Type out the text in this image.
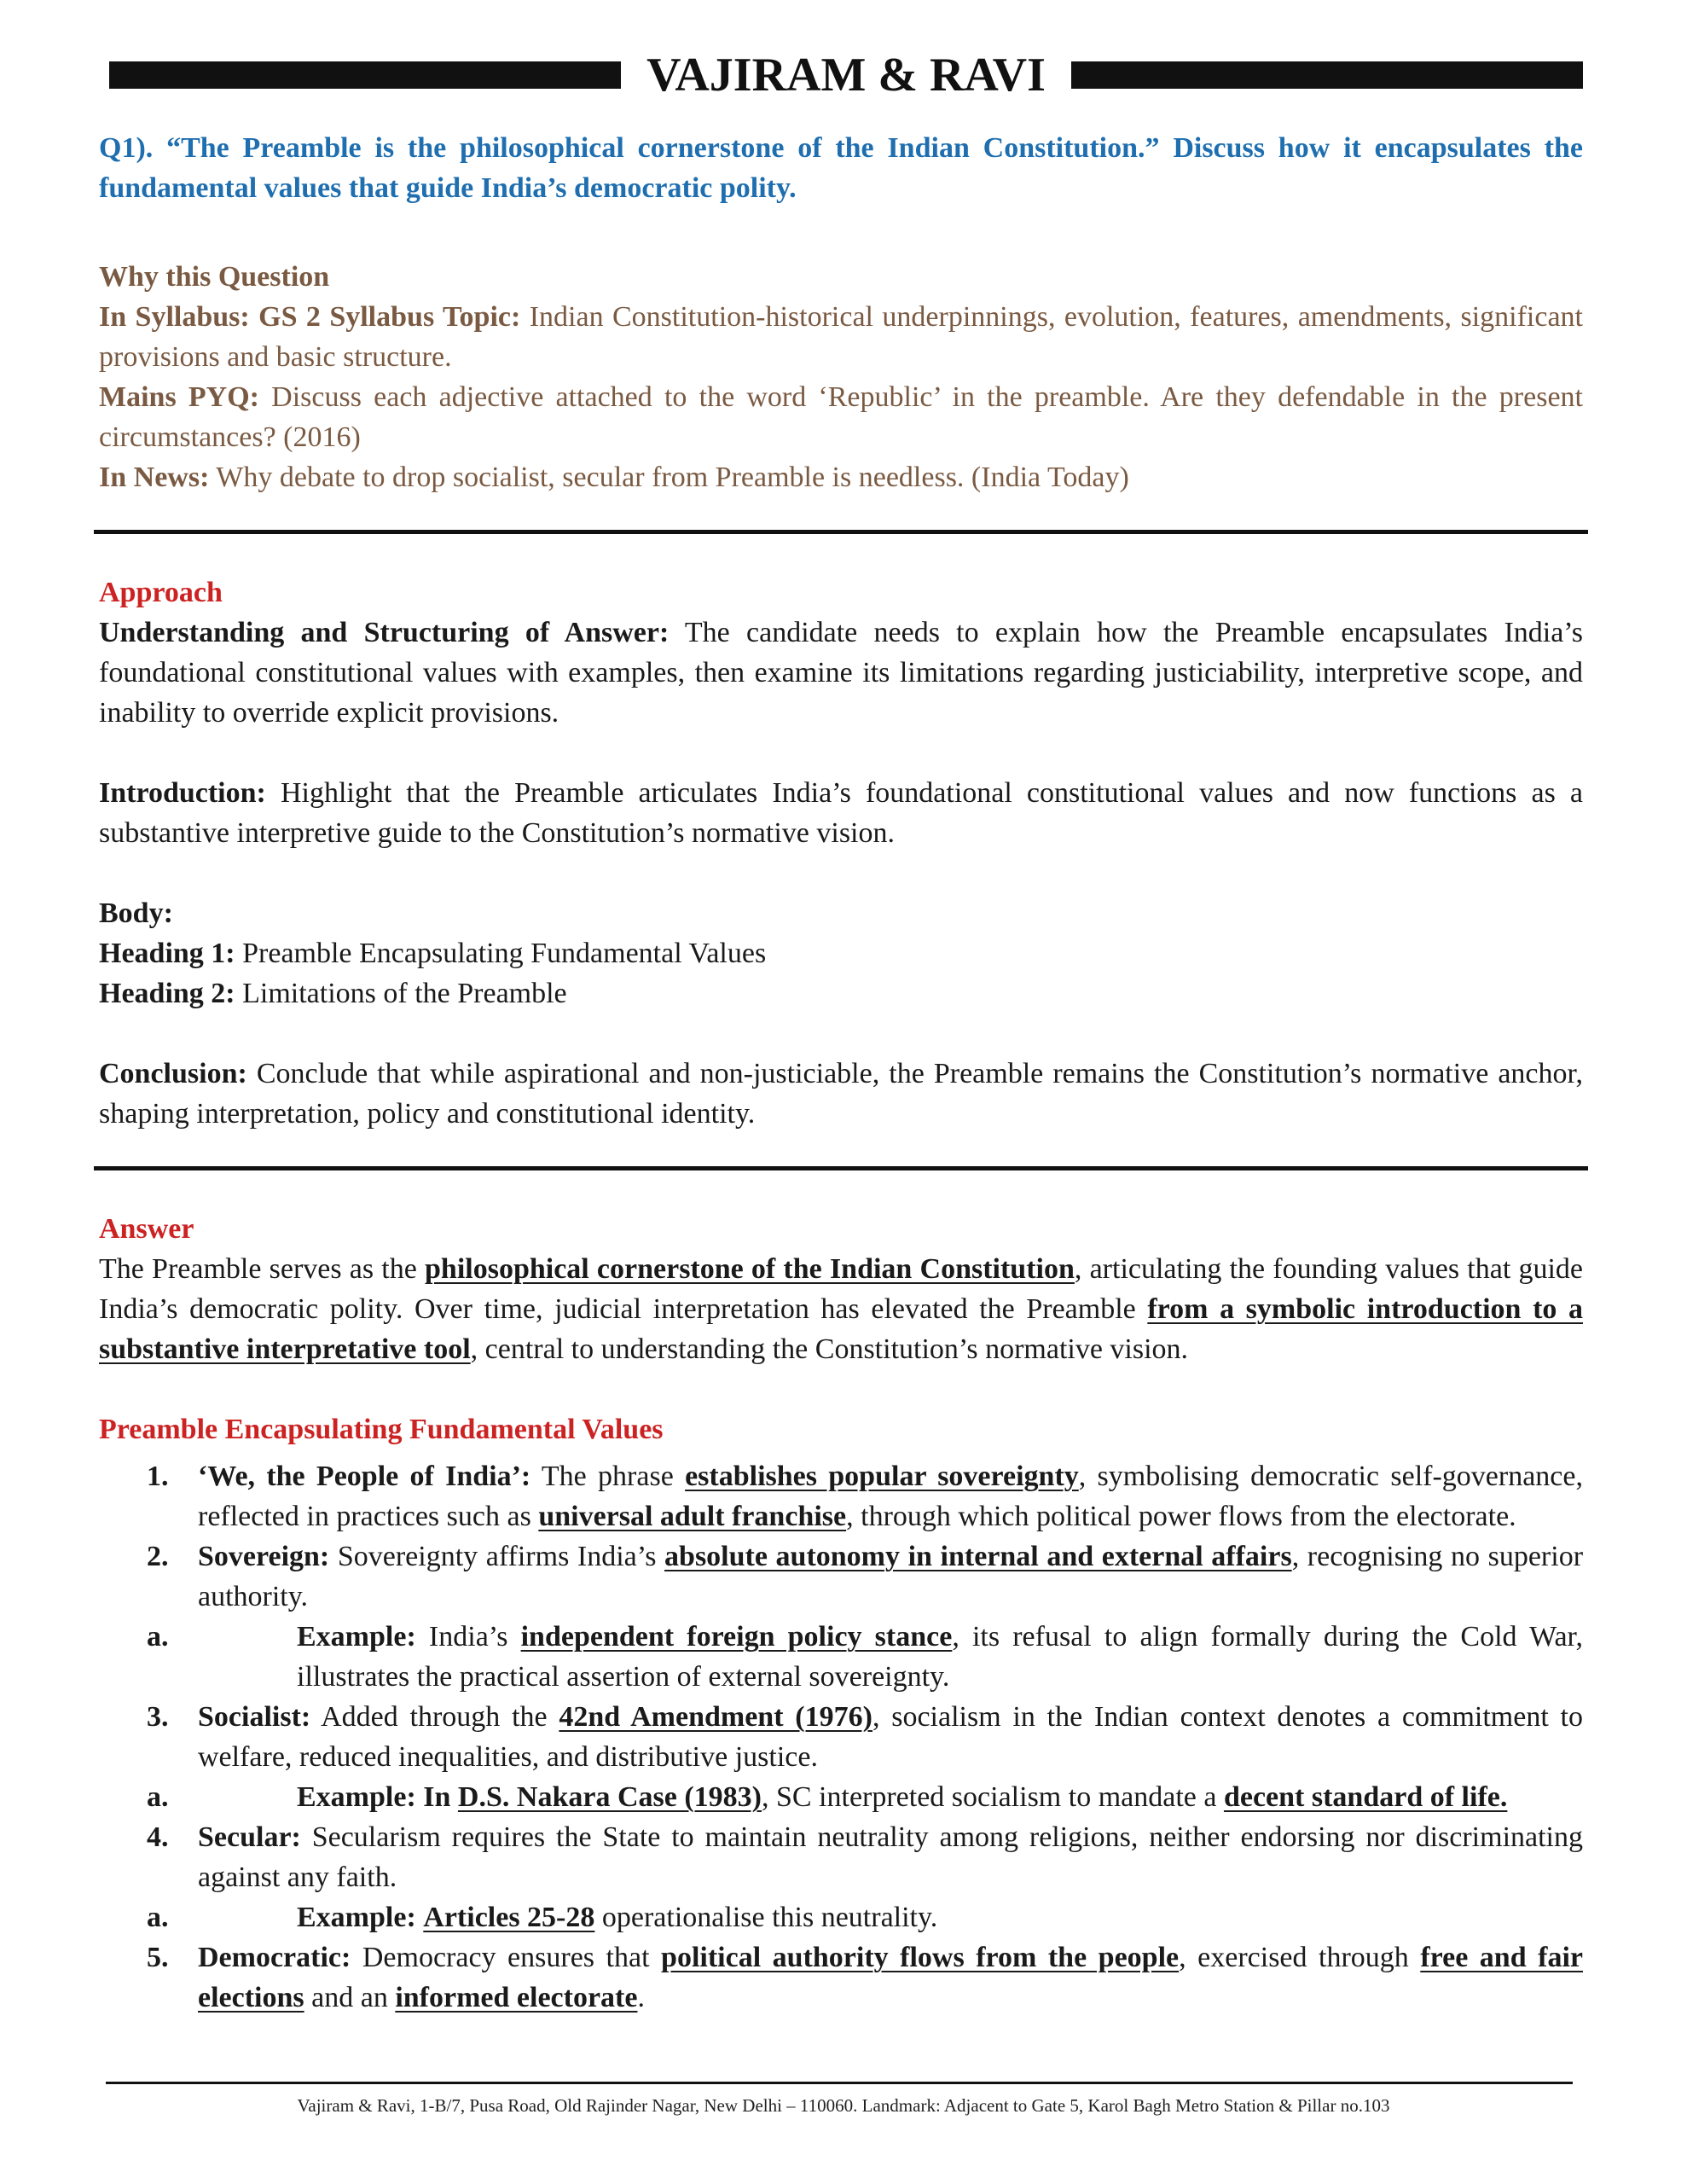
VAJIRAM & RAVI

Q1). “The Preamble is the philosophical cornerstone of the Indian Constitution.” Discuss how it encapsulates the fundamental values that guide India’s democratic polity.

Why this Question

In Syllabus: GS 2 Syllabus Topic: Indian Constitution-historical underpinnings, evolution, features, amendments, significant provisions and basic structure.

Mains PYQ: Discuss each adjective attached to the word ‘Republic’ in the preamble. Are they defendable in the present circumstances? (2016)

In News: Why debate to drop socialist, secular from Preamble is needless. (India Today)

Approach

Understanding and Structuring of Answer: The candidate needs to explain how the Preamble encapsulates India’s foundational constitutional values with examples, then examine its limitations regarding justiciability, interpretive scope, and inability to override explicit provisions.

Introduction: Highlight that the Preamble articulates India’s foundational constitutional values and now functions as a substantive interpretive guide to the Constitution’s normative vision.

Body:

Heading 1: Preamble Encapsulating Fundamental Values

Heading 2: Limitations of the Preamble

Conclusion: Conclude that while aspirational and non-justiciable, the Preamble remains the Constitution’s normative anchor, shaping interpretation, policy and constitutional identity.

Answer

The Preamble serves as the philosophical cornerstone of the Indian Constitution, articulating the founding values that guide India’s democratic polity. Over time, judicial interpretation has elevated the Preamble from a symbolic introduction to a substantive interpretative tool, central to understanding the Constitution’s normative vision.

Preamble Encapsulating Fundamental Values

1. ‘We, the People of India’: The phrase establishes popular sovereignty, symbolising democratic self-governance, reflected in practices such as universal adult franchise, through which political power flows from the electorate.
2. Sovereign: Sovereignty affirms India’s absolute autonomy in internal and external affairs, recognising no superior authority.
a.	Example: India’s independent foreign policy stance, its refusal to align formally during the Cold War, illustrates the practical assertion of external sovereignty.
3. Socialist: Added through the 42nd Amendment (1976), socialism in the Indian context denotes a commitment to welfare, reduced inequalities, and distributive justice.
a.	Example: In D.S. Nakara Case (1983), SC interpreted socialism to mandate a decent standard of life.
4. Secular: Secularism requires the State to maintain neutrality among religions, neither endorsing nor discriminating against any faith.
a.	Example: Articles 25-28 operationalise this neutrality.
5. Democratic: Democracy ensures that political authority flows from the people, exercised through free and fair elections and an informed electorate.
Vajiram & Ravi, 1-B/7, Pusa Road, Old Rajinder Nagar, New Delhi – 110060. Landmark: Adjacent to Gate 5, Karol Bagh Metro Station & Pillar no.103
